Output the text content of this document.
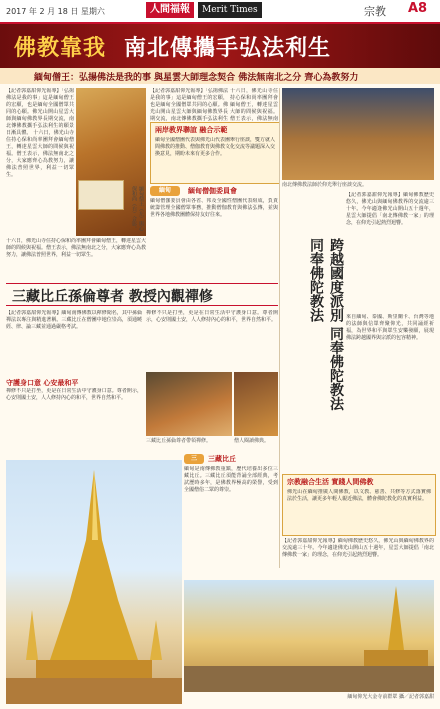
2017 年 2 月 18 日 星期六	人間福報	Merit Times	宗教 A8
佛教靠我 南北傳攜手弘法利生
緬甸僧王：弘揚佛法是我的事 與星雲大師理念契合 佛法無南北之分 齊心為教努力
緬甸僧王（左）與心保和尚（右）合影。
【記者郭嘉甜仰光報導】「弘揚佛法是我的事」這是緬甸僧王的宏願，也是緬甸全國僧眾共同的心願。佛光山開山星雲大師與緬甸佛教界長期交流，南北傳佛教攜手弘法利生的願景日漸具體。 十六日，佛光山寺住持心保和尚率團拜會緬甸僧王，轉達星雲大師的問候與祝福。僧王表示，佛法無南北之分，大家應齊心為教努力，讓佛法普照世界，利益一切眾生。
十六日，佛光山寺住持心保和尚率團拜會緬甸僧王，轉達星雲大師的問候與祝福。僧王表示，佛法無南北之分，大家應齊心為教努力，讓佛法普照世界，利益一切眾生。
【記者郭嘉甜仰光報導】「弘揚佛法是我的事」這是緬甸僧王的宏願，也是緬甸全國僧眾共同的心願。佛光山開山星雲大師與緬甸佛教界長期交流，南北傳佛教攜手弘法利生
兩岸教界聯誼 融合示範
緬甸全國僧團代表與佛光山代表團舉行座談，雙方就人間佛教的推動、僧伽教育與佛教文化交流等議題深入交換意見，期盼未來有更多合作。
十六日，佛光山寺住持心保和尚率團拜會緬甸僧王，轉達星雲大師的問候與祝福。僧王表示，佛法無南
緬甸	緬甸僧伽委員會
緬甸僧伽委員會由各省、邦及全國性僧團代表組成，負責統籌管理全國僧眾事務，推動僧伽教育與佛法弘傳，並與世界各地佛教團體保持友好往來。
南北傳佛教法師於仰光舉行座談交流。
【記者郭嘉甜仰光報導】緬甸佛教歷史悠久，佛光山與緬甸佛教界的交流逾三十年。今年適逢佛光山開山五十週年，星雲大師提倡「南北傳佛教一家」的理念，在仰光引起熱烈迴響。
跨越國度派別 同奉佛陀教法
同奉佛陀教法
三藏比丘孫倫尊者 教授內觀禪修
【記者郭嘉甜仰光報導】緬甸南傳佛教以禪修聞名，其中孫倫禪法以專注與精進著稱。三藏比丘在僧團中地位崇高，須通曉經、律、論三藏並通過嚴格考試。
守護身口意 心安最和平
禪修不只是打坐，更是在日常生活中守護身口意。尊者開示，心安則國土安，人人修持內心的和平，世界自然和平。
禪修不只是打坐，更是在日常生活中守護身口意。尊者開示，心安則國土安，人人修持內心的和平，世界自然和平。
三藏比丘孫倫尊者帶領禪修。	僧人閱讀佛典。
三	三藏比丘
緬甸是南傳佛教重鎮，歷代培養出多位三藏比丘。三藏比丘須能背誦全部經典，考試歷時多年，是佛教界極高的榮譽，受到全國僧俗二眾的尊崇。
來自緬甸、泰國、斯里蘭卡、台灣等地的法師與信眾齊聚仰光，共同誦經祈福，為世界和平與眾生安樂發願，展現佛法跨越國界與宗派的包容精神。
宗教融合生活 實踐人間佛教
佛光山在緬甸推廣人間佛教，以文教、慈善、共修等方式落實佛法於生活，讓更多年輕人親近佛法，體會佛陀教化的真實利益。
【記者郭嘉甜仰光報導】緬甸佛教歷史悠久，佛光山與緬甸佛教界的交流逾三十年。今年適逢佛光山開山五十週年，星雲大師提倡「南北傳佛教一家」的理念，在仰光引起熱烈迴響。
緬甸仰光大金寺前群眾 攝／記者郭嘉甜
